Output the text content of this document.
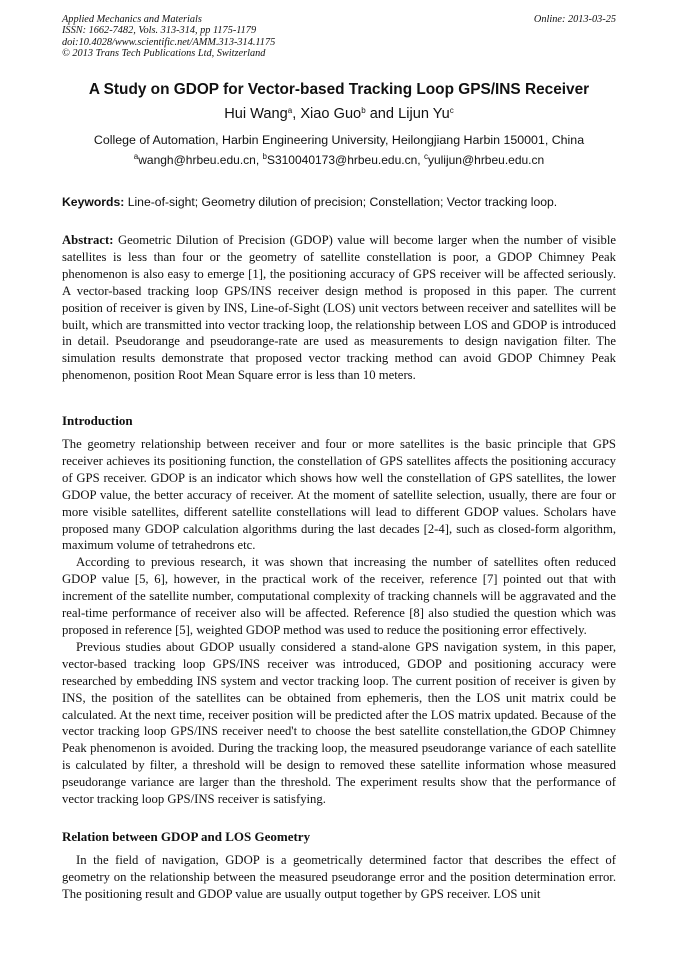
Applied Mechanics and Materials
ISSN: 1662-7482, Vols. 313-314, pp 1175-1179
doi:10.4028/www.scientific.net/AMM.313-314.1175
© 2013 Trans Tech Publications Ltd, Switzerland
Online: 2013-03-25
A Study on GDOP for Vector-based Tracking Loop GPS/INS Receiver
Hui Wang$^a$, Xiao Guo$^b$ and Lijun Yu$^c$
College of Automation, Harbin Engineering University, Heilongjiang Harbin 150001, China
$^a$wangh@hrbeu.edu.cn, $^b$S310040173@hrbeu.edu.cn, $^c$yulijun@hrbeu.edu.cn
Keywords: Line-of-sight; Geometry dilution of precision; Constellation; Vector tracking loop.

Abstract: Geometric Dilution of Precision (GDOP) value will become larger when the number of visible satellites is less than four or the geometry of satellite constellation is poor, a GDOP Chimney Peak phenomenon is also easy to emerge [1], the positioning accuracy of GPS receiver will be affected seriously. A vector-based tracking loop GPS/INS receiver design method is proposed in this paper. The current position of receiver is given by INS, Line-of-Sight (LOS) unit vectors between receiver and satellites will be built, which are transmitted into vector tracking loop, the relationship between LOS and GDOP is introduced in detail. Pseudorange and pseudorange-rate are used as measurements to design navigation filter. The simulation results demonstrate that proposed vector tracking method can avoid GDOP Chimney Peak phenomenon, position Root Mean Square error is less than 10 meters.

Introduction

The geometry relationship between receiver and four or more satellites is the basic principle that GPS receiver achieves its positioning function, the constellation of GPS satellites affects the positioning accuracy of GPS receiver. GDOP is an indicator which shows how well the constellation of GPS satellites, the lower GDOP value, the better accuracy of receiver. At the moment of satellite selection, usually, there are four or more visible satellites, different satellite constellations will lead to different GDOP values. Scholars have proposed many GDOP calculation algorithms during the last decades [2-4], such as closed-form algorithm, maximum volume of tetrahedrons etc.

According to previous research, it was shown that increasing the number of satellites often reduced GDOP value [5, 6], however, in the practical work of the receiver, reference [7] pointed out that with increment of the satellite number, computational complexity of tracking channels will be aggravated and the real-time performance of receiver also will be affected. Reference [8] also studied the question which was proposed in reference [5], weighted GDOP method was used to reduce the positioning error effectively.

Previous studies about GDOP usually considered a stand-alone GPS navigation system, in this paper, vector-based tracking loop GPS/INS receiver was introduced, GDOP and positioning accuracy were researched by embedding INS system and vector tracking loop. The current position of receiver is given by INS, the position of the satellites can be obtained from ephemeris, then the LOS unit matrix could be calculated. At the next time, receiver position will be predicted after the LOS matrix updated. Because of the vector tracking loop GPS/INS receiver need't to choose the best satellite constellation,the GDOP Chimney Peak phenomenon is avoided. During the tracking loop, the measured pseudorange variance of each satellite is calculated by filter, a threshold will be design to removed these satellite information whose measured pseudorange variance are larger than the threshold. The experiment results show that the performance of vector tracking loop GPS/INS receiver is satisfying.

Relation between GDOP and LOS Geometry

In the field of navigation, GDOP is a geometrically determined factor that describes the effect of geometry on the relationship between the measured pseudorange error and the position determination error. The positioning result and GDOP value are usually output together by GPS receiver. LOS unit
